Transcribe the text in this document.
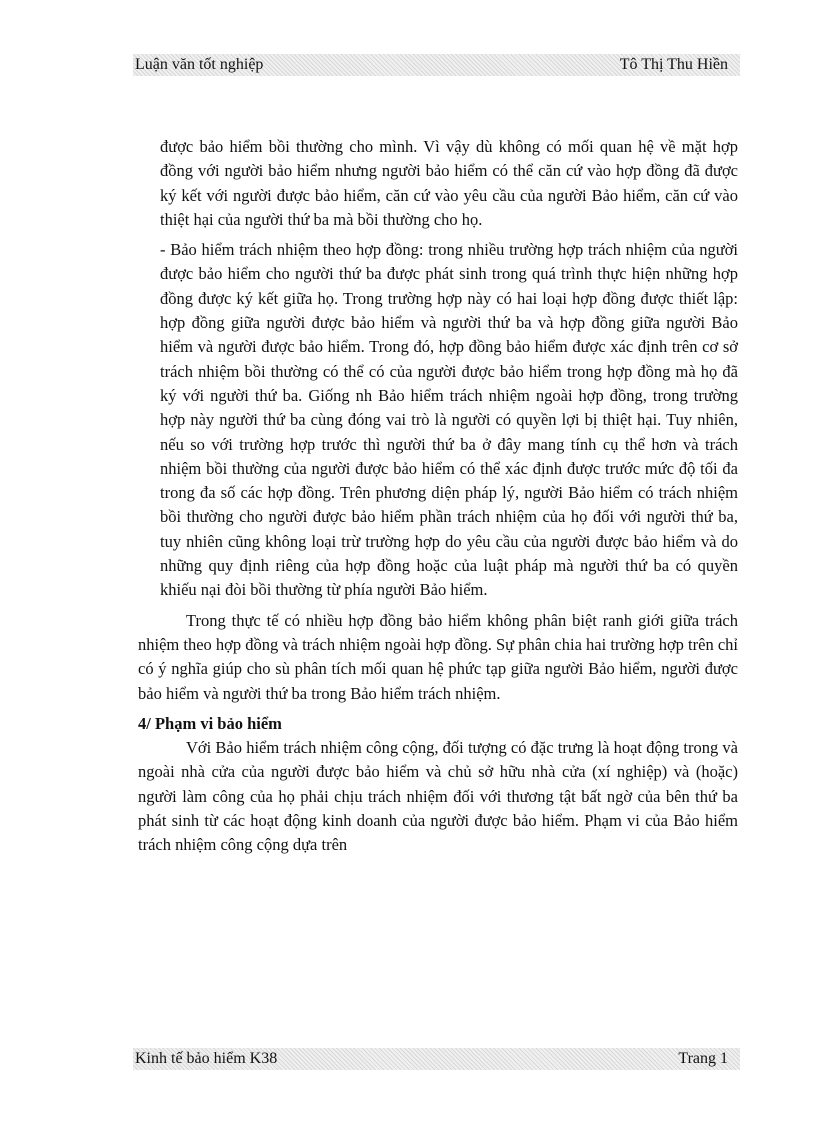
Luận văn tốt nghiệp	Tô Thị Thu Hiền

được bảo hiểm bồi thường cho mình. Vì vậy dù không có mối quan hệ về mặt hợp đồng với người bảo hiểm nhưng người bảo hiểm có thể căn cứ vào hợp đồng đã được ký kết với người được bảo hiểm, căn cứ vào yêu cầu của người Bảo hiểm, căn cứ vào thiệt hại của người thứ ba mà bồi thường cho họ.

- Bảo hiểm trách nhiệm theo hợp đồng: trong nhiều trường hợp trách nhiệm của người được bảo hiểm cho người thứ ba được phát sinh trong quá trình thực hiện những hợp đồng được ký kết giữa họ. Trong trường hợp này có hai loại hợp đồng được thiết lập: hợp đồng giữa người được bảo hiểm và người thứ ba và hợp đồng giữa người Bảo hiểm và người được bảo hiểm. Trong đó, hợp đồng bảo hiểm được xác định trên cơ sở trách nhiệm bồi thường có thể có của người được bảo hiểm trong hợp đồng mà họ đã ký với người thứ ba. Giống nh Bảo hiểm trách nhiệm ngoài hợp đồng, trong trường hợp này người thứ ba cùng đóng vai trò là người có quyền lợi bị thiệt hại. Tuy nhiên, nếu so với trường hợp trước thì người thứ ba ở đây mang tính cụ thể hơn và trách nhiệm bồi thường của người được bảo hiểm có thể xác định được trước mức độ tối đa trong đa số các hợp đồng. Trên phương diện pháp lý, người Bảo hiểm có trách nhiệm bồi thường cho người được bảo hiểm phần trách nhiệm của họ đối với người thứ ba, tuy nhiên cũng không loại trừ trường hợp do yêu cầu của người được bảo hiểm và do những quy định riêng của hợp đồng hoặc của luật pháp mà người thứ ba có quyền khiếu nại đòi bồi thường từ phía người Bảo hiểm.

Trong thực tế có nhiều hợp đồng bảo hiểm không phân biệt ranh giới giữa trách nhiệm theo hợp đồng và trách nhiệm ngoài hợp đồng. Sự phân chia hai trường hợp trên chỉ có ý nghĩa giúp cho sù phân tích mối quan hệ phức tạp giữa người Bảo hiểm, người được bảo hiểm và người thứ ba trong Bảo hiểm trách nhiệm.

4/ Phạm vi bảo hiểm

Với Bảo hiểm trách nhiệm công cộng, đối tượng có đặc trưng là hoạt động trong và ngoài nhà cửa của người được bảo hiểm và chủ sở hữu nhà cửa (xí nghiệp) và (hoặc) người làm công của họ phải chịu trách nhiệm đối với thương tật bất ngờ của bên thứ ba phát sinh từ các hoạt động kinh doanh của người được bảo hiểm. Phạm vi của Bảo hiểm trách nhiệm công cộng dựa trên

Kinh tế bảo hiểm K38	Trang 1
